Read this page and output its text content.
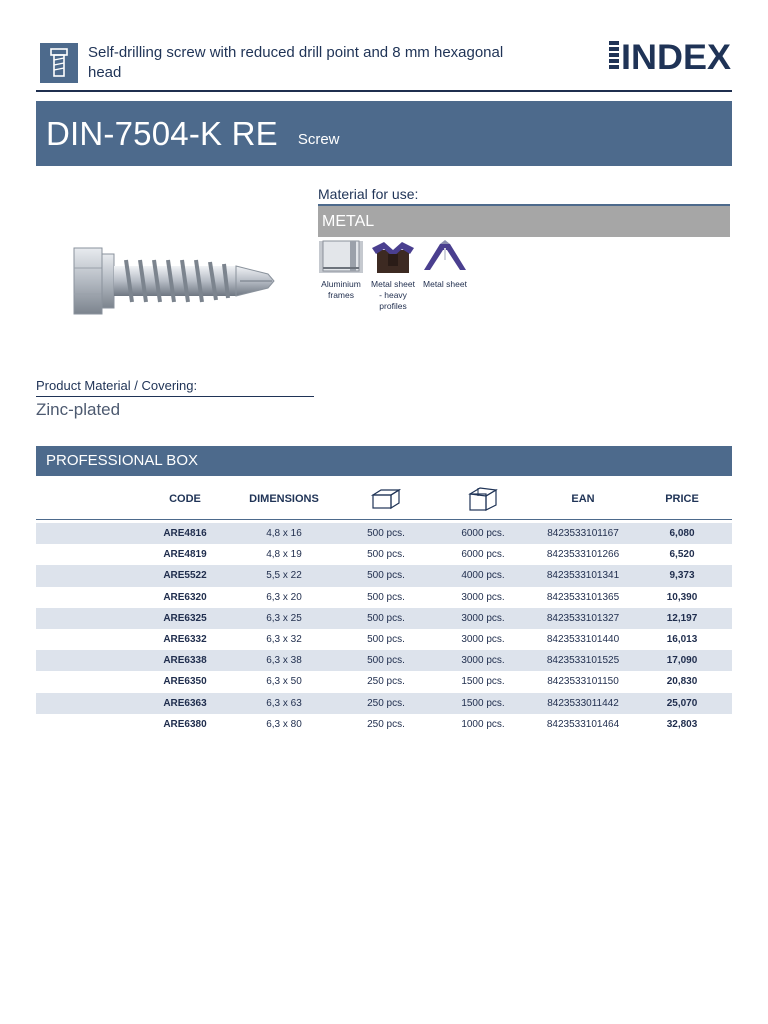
Self-drilling screw with reduced drill point and 8 mm hexagonal head	INDEX
DIN-7504-K RE Screw
Material for use:
METAL
Aluminium frames
Metal sheet - heavy profiles
Metal sheet
Product Material / Covering:
Zinc-plated
PROFESSIONAL BOX
CODE	DIMENSIONS	EAN	PRICE
ARE4816	4,8 x 16	500 pcs.	6000 pcs.	8423533101167	6,080
ARE4819	4,8 x 19	500 pcs.	6000 pcs.	8423533101266	6,520
ARE5522	5,5 x 22	500 pcs.	4000 pcs.	8423533101341	9,373
ARE6320	6,3 x 20	500 pcs.	3000 pcs.	8423533101365	10,390
ARE6325	6,3 x 25	500 pcs.	3000 pcs.	8423533101327	12,197
ARE6332	6,3 x 32	500 pcs.	3000 pcs.	8423533101440	16,013
ARE6338	6,3 x 38	500 pcs.	3000 pcs.	8423533101525	17,090
ARE6350	6,3 x 50	250 pcs.	1500 pcs.	8423533101150	20,830
ARE6363	6,3 x 63	250 pcs.	1500 pcs.	8423533011442	25,070
ARE6380	6,3 x 80	250 pcs.	1000 pcs.	8423533101464	32,803
